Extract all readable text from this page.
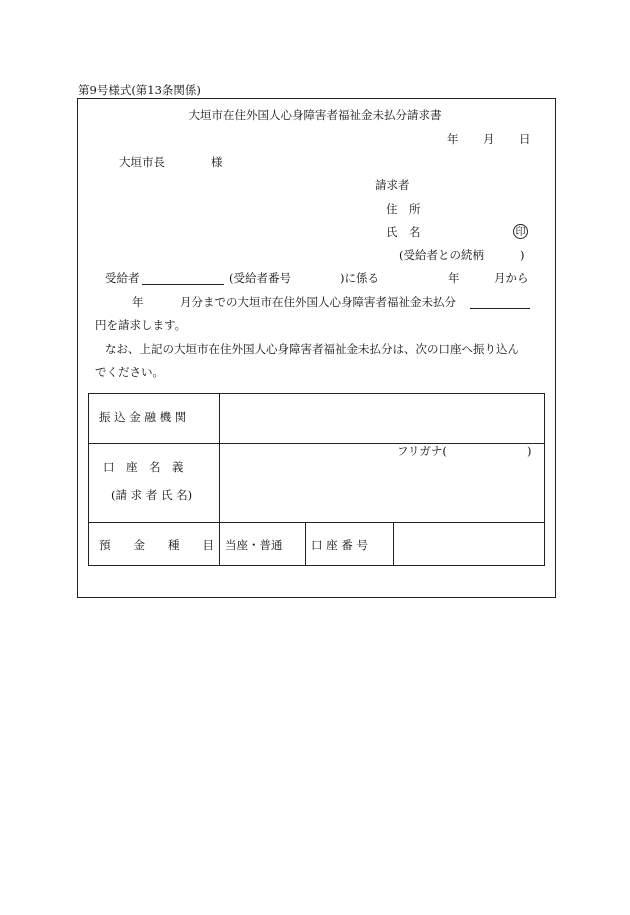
第9号様式(第13条関係)
大垣市在住外国人心身障害者福祉金未払分請求書
年 月 日
大垣市長	様
請求者
住　所
氏　名	印
(受給者との続柄	)
受給者	(受給者番号	)に係る	年	月から
年	月分までの大垣市在住外国人心身障害者福祉金未払分
円を請求します。
なお、上記の大垣市在住外国人心身障害者福祉金未払分は、次の口座へ振り込ん
でください。
振 込 金 融 機 関
口　座　名　義
(請 求 者 氏 名)
フリガナ(	)
預　　金　　種　　目 当座・普通 口 座 番 号
